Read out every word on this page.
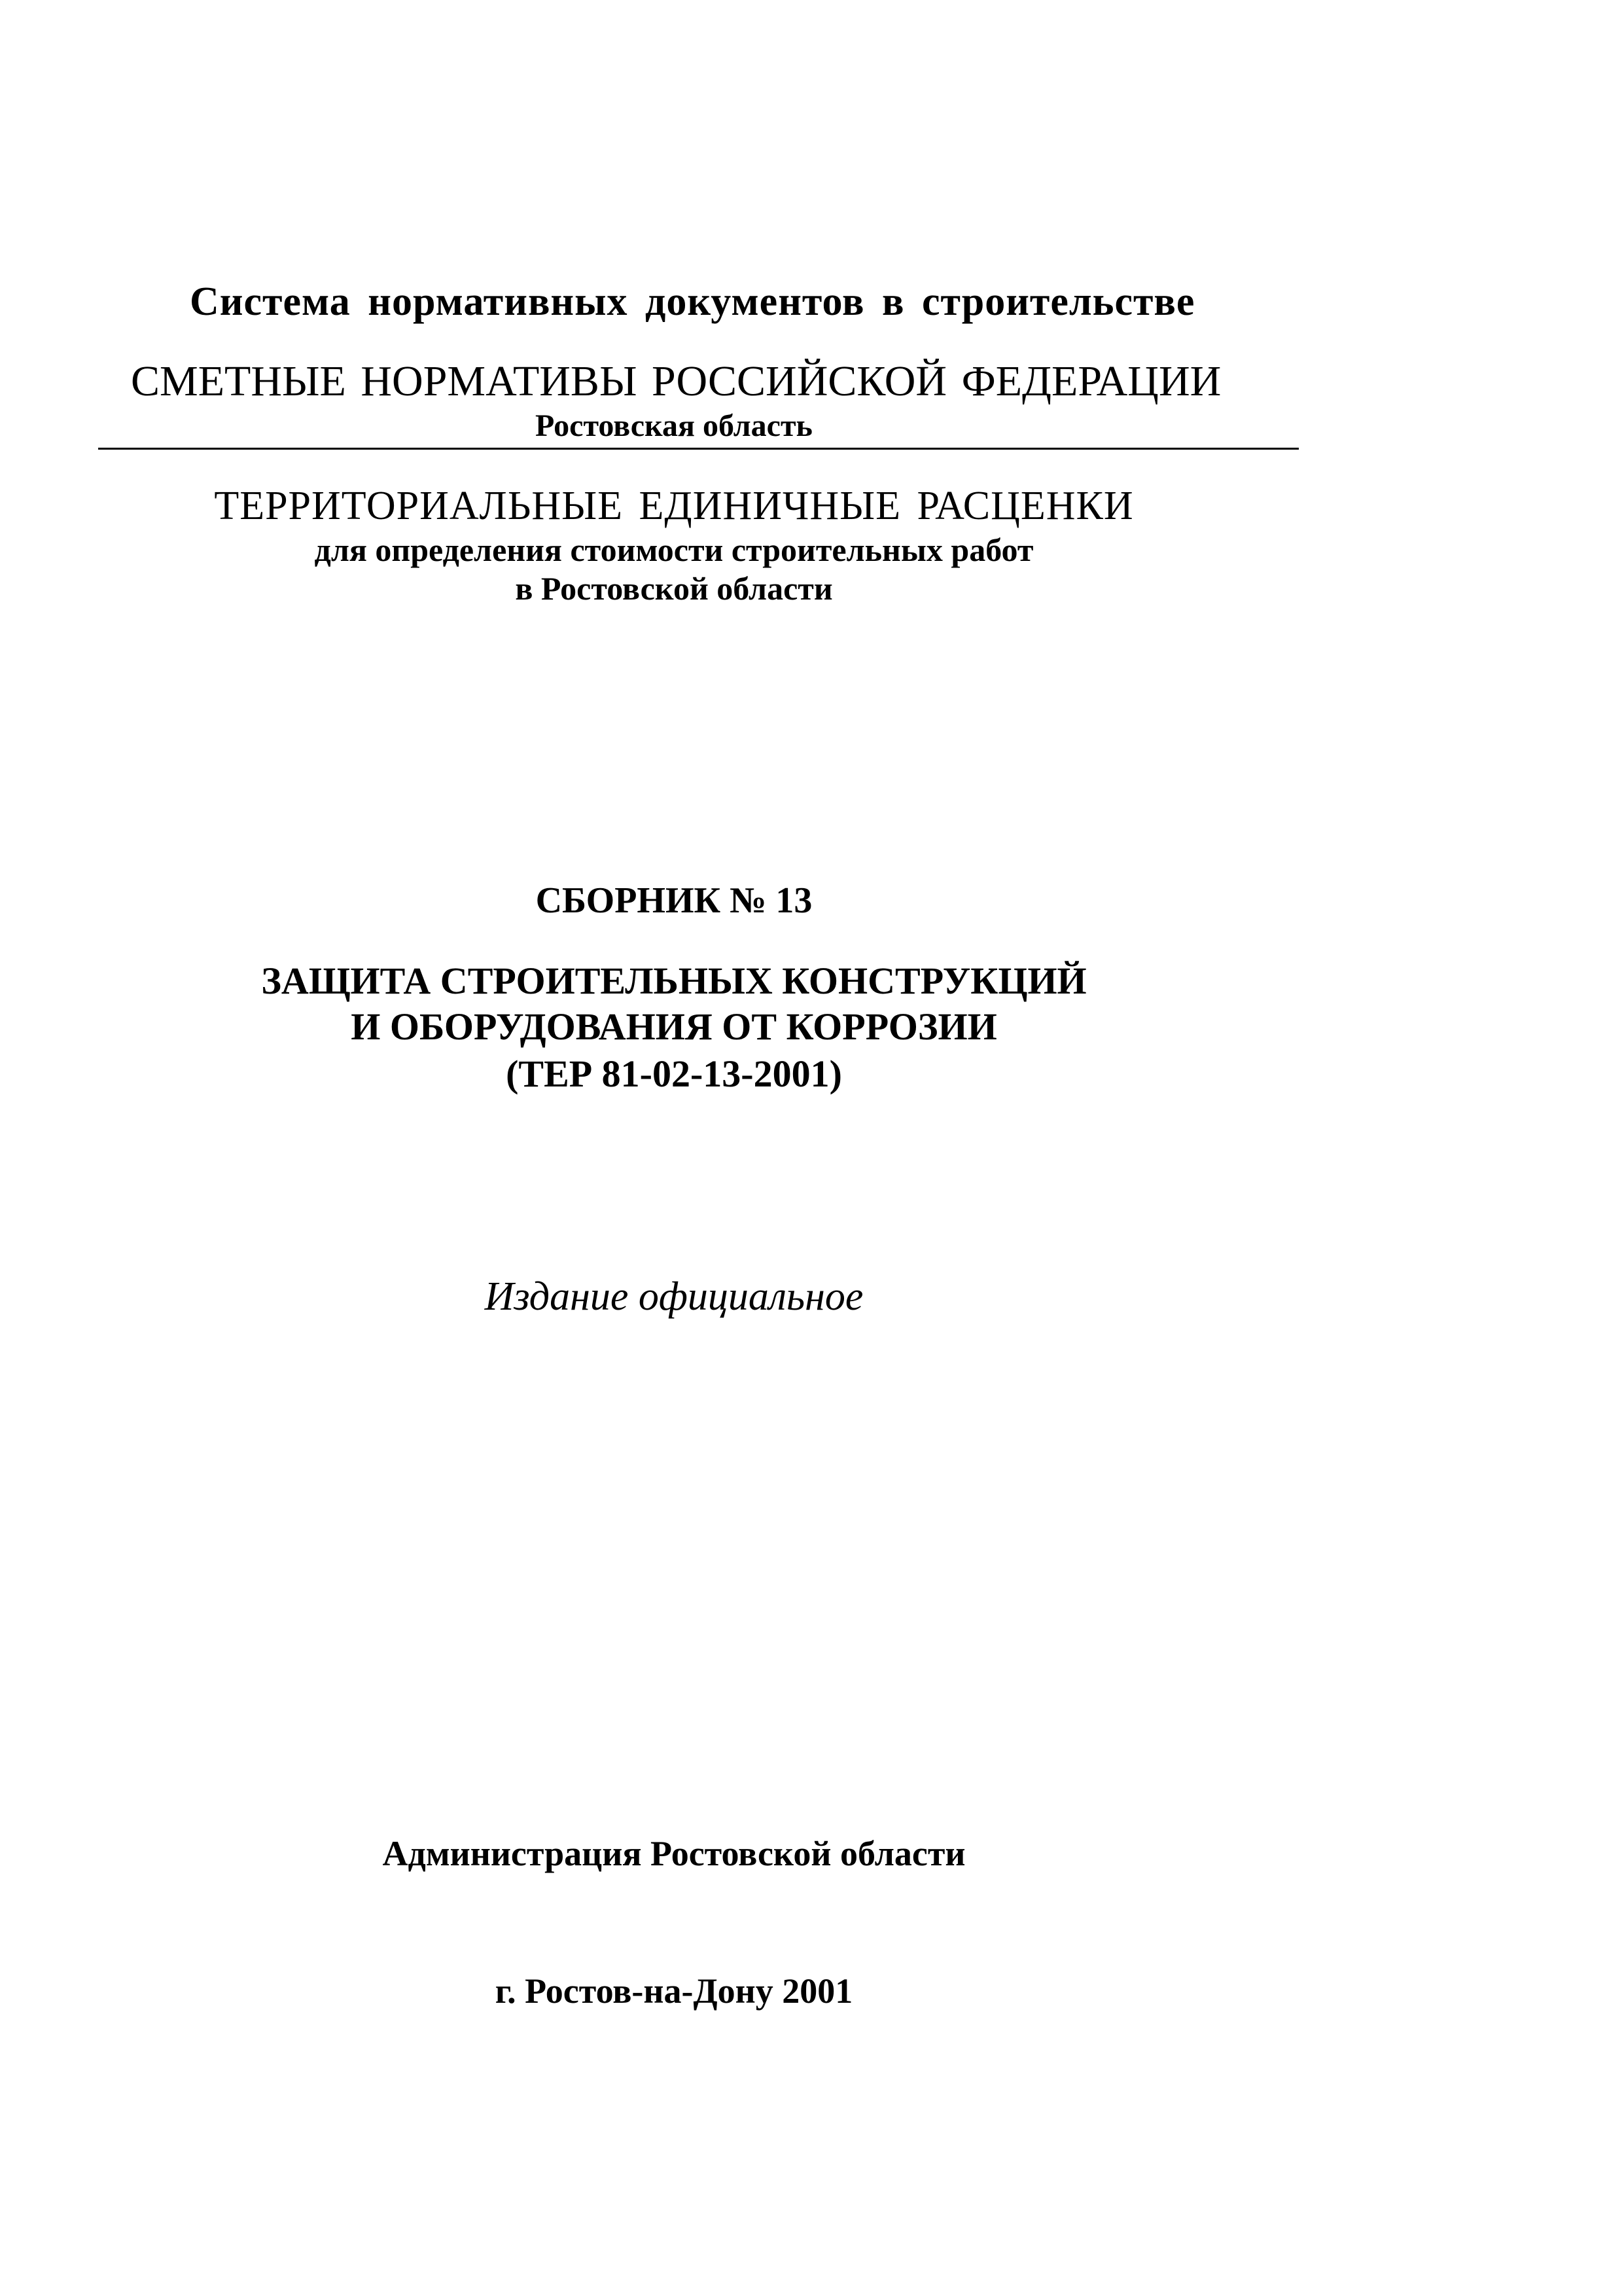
Система нормативных документов в строительстве
СМЕТНЫЕ НОРМАТИВЫ РОССИЙСКОЙ ФЕДЕРАЦИИ
Ростовская область
ТЕРРИТОРИАЛЬНЫЕ ЕДИНИЧНЫЕ РАСЦЕНКИ
для определения стоимости строительных работ
в Ростовской области
СБОРНИК № 13
ЗАЩИТА СТРОИТЕЛЬНЫХ КОНСТРУКЦИЙ
И ОБОРУДОВАНИЯ ОТ КОРРОЗИИ
(ТЕР 81-02-13-2001)
Издание официальное
Администрация Ростовской области
г. Ростов-на-Дону 2001
